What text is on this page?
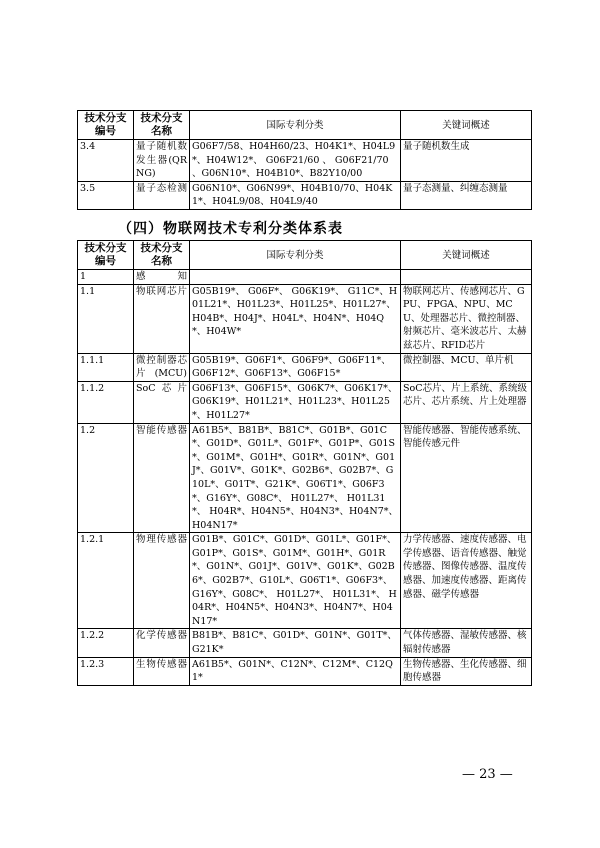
技术分支编号	技术分支名称	国际专利分类	关键词概述
3.4	量子随机数发生器(QRNG)	G06F7/58、H04H60/23、H04K1*、H04L9*、H04W12*、 G06F21/60 、 G06F21/70 、G06N10*、H04B10*、B82Y10/00	量子随机数生成
3.5	量子态检测	G06N10*、G06N99*、H04B10/70、H04K1*、H04L9/08、H04L9/40	量子态测量、纠缠态测量
（四）物联网技术专利分类体系表
技术分支编号	技术分支名称	国际专利分类	关键词概述
1	感知		
1.1	物联网芯片	G05B19*、 G06F*、 G06K19*、 G11C*、H01L21*、H01L23*、H01L25*、H01L27*、H04B*、H04J*、H04L*、H04N*、H04Q*、H04W*	物联网芯片、传感网芯片、GPU、FPGA、NPU、MCU、处理器芯片、微控制器、射频芯片、毫米波芯片、太赫兹芯片、RFID芯片
1.1.1	微控制器芯片(MCU)	G05B19*、G06F1*、G06F9*、G06F11*、G06F12*、G06F13*、G06F15*	微控制器、MCU、单片机
1.1.2	SoC芯片	G06F13*、G06F15*、G06K7*、G06K17*、G06K19*、H01L21*、H01L23*、H01L25*、H01L27*	SoC芯片、片上系统、系统级芯片、芯片系统、片上处理器
1.2	智能传感器	A61B5*、B81B*、B81C*、G01B*、G01C*、G01D*、G01L*、G01F*、G01P*、G01S*、G01M*、G01H*、G01R*、G01N*、G01J*、G01V*、G01K*、G02B6*、G02B7*、G10L*、G01T*、G21K*、G06T1*、G06F3*、G16Y*、G08C*、 H01L27*、 H01L31*、 H04R*、H04N5*、H04N3*、H04N7*、H04N17*	智能传感器、智能传感系统、智能传感元件
1.2.1	物理传感器	G01B*、G01C*、G01D*、G01L*、G01F*、G01P*、G01S*、G01M*、G01H*、G01R*、G01N*、G01J*、G01V*、G01K*、G02B6*、G02B7*、G10L*、G06T1*、G06F3*、G16Y*、G08C*、 H01L27*、 H01L31*、 H04R*、H04N5*、H04N3*、H04N7*、H04N17*	力学传感器、速度传感器、电学传感器、语音传感器、触觉传感器、图像传感器、温度传感器、加速度传感器、距离传感器、磁学传感器
1.2.2	化学传感器	B81B*、B81C*、G01D*、G01N*、G01T*、G21K*	气体传感器、湿敏传感器、核辐射传感器
1.2.3	生物传感器	A61B5*、G01N*、C12N*、C12M*、C12Q1*	生物传感器、生化传感器、细胞传感器
— 23 —
